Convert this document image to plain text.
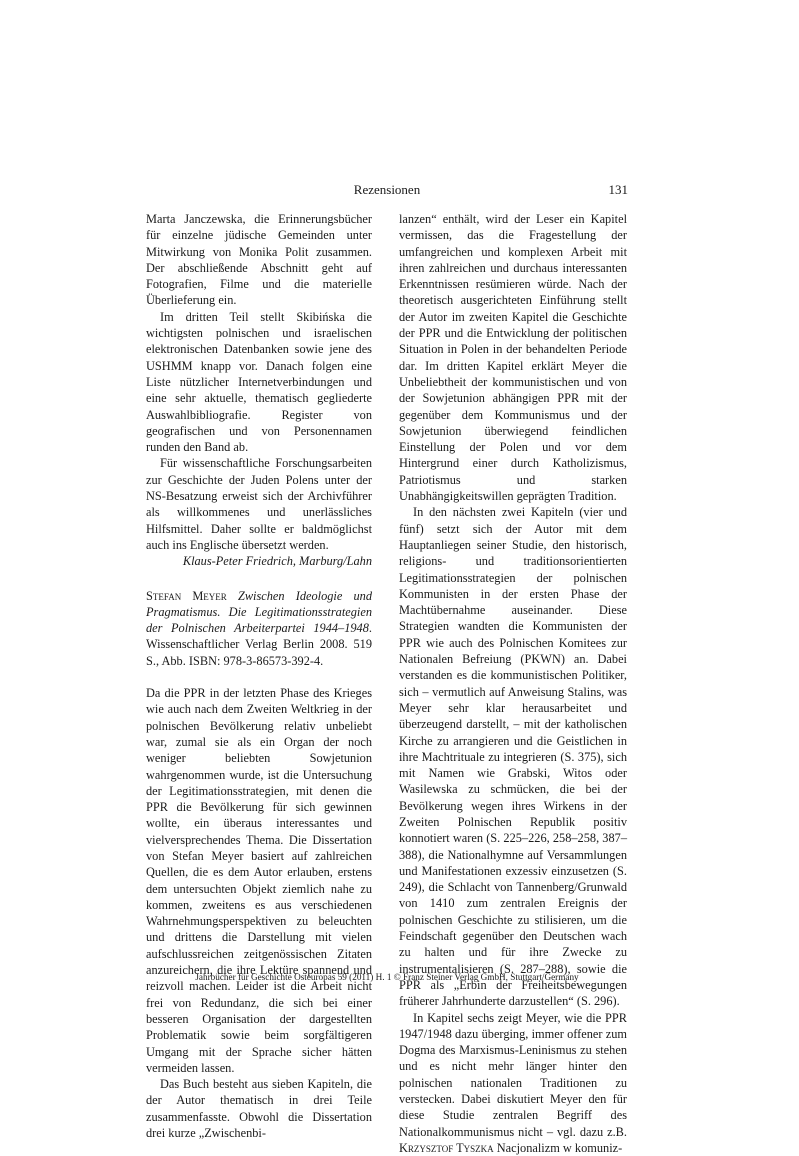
Rezensionen	131

Marta Janczewska, die Erinnerungsbücher für einzelne jüdische Gemeinden unter Mitwirkung von Monika Polit zusammen. Der abschließende Abschnitt geht auf Fotografien, Filme und die materielle Überlieferung ein.

Im dritten Teil stellt Skibińska die wichtigsten polnischen und israelischen elektronischen Datenbanken sowie jene des USHMM knapp vor. Danach folgen eine Liste nützlicher Internetverbindungen und eine sehr aktuelle, thematisch gegliederte Auswahlbibliografie. Register von geografischen und von Personennamen runden den Band ab.

Für wissenschaftliche Forschungsarbeiten zur Geschichte der Juden Polens unter der NS-Besatzung erweist sich der Archivführer als willkommenes und unerlässliches Hilfsmittel. Daher sollte er baldmöglichst auch ins Englische übersetzt werden.

Klaus-Peter Friedrich, Marburg/Lahn

Stefan Meyer Zwischen Ideologie und Pragmatismus. Die Legitimationsstrategien der Polnischen Arbeiterpartei 1944–1948. Wissenschaftlicher Verlag Berlin 2008. 519 S., Abb. ISBN: 978-3-86573-392-4.

Da die PPR in der letzten Phase des Krieges wie auch nach dem Zweiten Weltkrieg in der polnischen Bevölkerung relativ unbeliebt war, zumal sie als ein Organ der noch weniger beliebten Sowjetunion wahrgenommen wurde, ist die Untersuchung der Legitimationsstrategien, mit denen die PPR die Bevölkerung für sich gewinnen wollte, ein überaus interessantes und vielversprechendes Thema. Die Dissertation von Stefan Meyer basiert auf zahlreichen Quellen, die es dem Autor erlauben, erstens dem untersuchten Objekt ziemlich nahe zu kommen, zweitens es aus verschiedenen Wahrnehmungsperspektiven zu beleuchten und drittens die Darstellung mit vielen aufschlussreichen zeitgenössischen Zitaten anzureichern, die ihre Lektüre spannend und reizvoll machen. Leider ist die Arbeit nicht frei von Redundanz, die sich bei einer besseren Organisation der dargestellten Problematik sowie beim sorgfältigeren Umgang mit der Sprache sicher hätten vermeiden lassen.

Das Buch besteht aus sieben Kapiteln, die der Autor thematisch in drei Teile zusammenfasste. Obwohl die Dissertation drei kurze „Zwischenbi-

lanzen“ enthält, wird der Leser ein Kapitel vermissen, das die Fragestellung der umfangreichen und komplexen Arbeit mit ihren zahlreichen und durchaus interessanten Erkenntnissen resümieren würde. Nach der theoretisch ausgerichteten Einführung stellt der Autor im zweiten Kapitel die Geschichte der PPR und die Entwicklung der politischen Situation in Polen in der behandelten Periode dar. Im dritten Kapitel erklärt Meyer die Unbeliebtheit der kommunistischen und von der Sowjetunion abhängigen PPR mit der gegenüber dem Kommunismus und der Sowjetunion überwiegend feindlichen Einstellung der Polen und vor dem Hintergrund einer durch Katholizismus, Patriotismus und starken Unabhängigkeitswillen geprägten Tradition.

In den nächsten zwei Kapiteln (vier und fünf) setzt sich der Autor mit dem Hauptanliegen seiner Studie, den historisch, religions- und traditionsorientierten Legitimationsstrategien der polnischen Kommunisten in der ersten Phase der Machtübernahme auseinander. Diese Strategien wandten die Kommunisten der PPR wie auch des Polnischen Komitees zur Nationalen Befreiung (PKWN) an. Dabei verstanden es die kommunistischen Politiker, sich – vermutlich auf Anweisung Stalins, was Meyer sehr klar herausarbeitet und überzeugend darstellt, – mit der katholischen Kirche zu arrangieren und die Geistlichen in ihre Machtrituale zu integrieren (S. 375), sich mit Namen wie Grabski, Witos oder Wasilewska zu schmücken, die bei der Bevölkerung wegen ihres Wirkens in der Zweiten Polnischen Republik positiv konnotiert waren (S. 225–226, 258–258, 387–388), die Nationalhymne auf Versammlungen und Manifestationen exzessiv einzusetzen (S. 249), die Schlacht von Tannenberg/Grunwald von 1410 zum zentralen Ereignis der polnischen Geschichte zu stilisieren, um die Feindschaft gegenüber den Deutschen wach zu halten und für ihre Zwecke zu instrumentalisieren (S. 287–288), sowie die PPR als „Erbin der Freiheitsbewegungen früherer Jahrhunderte darzustellen“ (S. 296).

In Kapitel sechs zeigt Meyer, wie die PPR 1947/1948 dazu überging, immer offener zum Dogma des Marxismus-Leninismus zu stehen und es nicht mehr länger hinter den polnischen nationalen Traditionen zu verstecken. Dabei diskutiert Meyer den für diese Studie zentralen Begriff des Nationalkommunismus nicht – vgl. dazu z.B. Krzysztof Tyszka Nacjonalizm w komuniz-

Jahrbücher für Geschichte Osteuropas 59 (2011) H. 1 © Franz Steiner Verlag GmbH, Stuttgart/Germany
